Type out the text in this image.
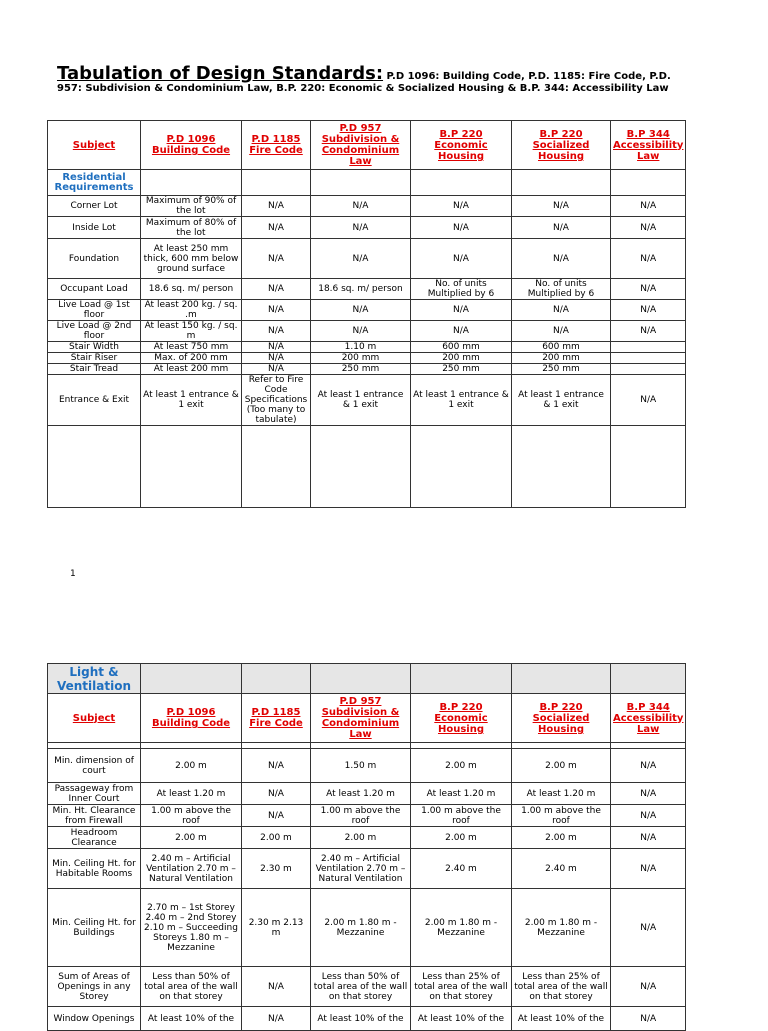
Tabulation of Design Standards: P.D 1096: Building Code, P.D. 1185: Fire Code, P.D. 957: Subdivision & Condominium Law, B.P. 220: Economic & Socialized Housing & B.P. 344: Accessibility Law
Subject	P.D 1096 Building Code	P.D 1185 Fire Code	P.D 957 Subdivision & Condominium Law	B.P 220 Economic Housing	B.P 220 Socialized Housing	B.P 344 Accessibility Law
Residential Requirements						
Corner Lot	Maximum of 90% of the lot	N/A	N/A	N/A	N/A	N/A
Inside Lot	Maximum of 80% of the lot	N/A	N/A	N/A	N/A	N/A
Foundation	At least 250 mm thick, 600 mm below ground surface	N/A	N/A	N/A	N/A	N/A
Occupant Load	18.6 sq. m/ person	N/A	18.6 sq. m/ person	No. of units Multiplied by 6	No. of units Multiplied by 6	N/A
Live Load @ 1st floor	At least 200 kg. / sq. .m	N/A	N/A	N/A	N/A	N/A
Live Load @ 2nd floor	At least 150 kg. / sq. m	N/A	N/A	N/A	N/A	N/A
Stair Width	At least 750 mm	N/A	1.10 m	600 mm	600 mm	
Stair Riser	Max. of 200 mm	N/A	200 mm	200 mm	200 mm	
Stair Tread	At least 200 mm	N/A	250 mm	250 mm	250 mm	
Entrance & Exit	At least 1 entrance & 1 exit	Refer to Fire Code Specifications (Too many to tabulate)	At least 1 entrance & 1 exit	At least 1 entrance & 1 exit	At least 1 entrance & 1 exit	N/A

1
Light & Ventilation						
Subject	P.D 1096 Building Code	P.D 1185 Fire Code	P.D 957 Subdivision & Condominium Law	B.P 220 Economic Housing	B.P 220 Socialized Housing	B.P 344 Accessibility Law

Min. dimension of court	2.00 m	N/A	1.50 m	2.00 m	2.00 m	N/A
Passageway from Inner Court	At least 1.20 m	N/A	At least 1.20 m	At least 1.20 m	At least 1.20 m	N/A
Min. Ht. Clearance from Firewall	1.00 m above the roof	N/A	1.00 m above the roof	1.00 m above the roof	1.00 m above the roof	N/A
Headroom Clearance	2.00 m	2.00 m	2.00 m	2.00 m	2.00 m	N/A
Min. Ceiling Ht. for Habitable Rooms	2.40 m – Artificial Ventilation 2.70 m – Natural Ventilation	2.30 m	2.40 m – Artificial Ventilation 2.70 m – Natural Ventilation	2.40 m	2.40 m	N/A
Min. Ceiling Ht. for Buildings	2.70 m – 1st Storey 2.40 m – 2nd Storey 2.10 m – Succeeding Storeys 1.80 m – Mezzanine	2.30 m 2.13 m	2.00 m 1.80 m - Mezzanine	2.00 m 1.80 m - Mezzanine	2.00 m 1.80 m - Mezzanine	N/A
Sum of Areas of Openings in any Storey	Less than 50% of total area of the wall on that storey	N/A	Less than 50% of total area of the wall on that storey	Less than 25% of total area of the wall on that storey	Less than 25% of total area of the wall on that storey	N/A
Window Openings	At least 10% of the	N/A	At least 10% of the	At least 10% of the	At least 10% of the	N/A
